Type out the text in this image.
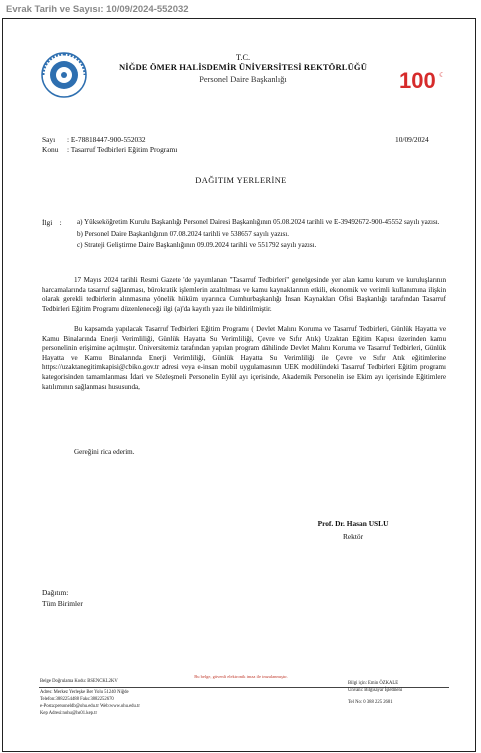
Evrak Tarih ve Sayısı: 10/09/2024-552032
100 ☾
T.C.
NİĞDE ÖMER HALİSDEMİR ÜNİVERSİTESİ REKTÖRLÜĞÜ
Personel Daire Başkanlığı
Sayı : E-78818447-900-552032
Konu : Tasarruf Tedbirleri Eğitim Programı
10/09/2024
DAĞITIM YERLERİNE
İlgi : a) Yükseköğretim Kurulu Başkanlığı Personel Dairesi Başkanlığının 05.08.2024 tarihli ve E-39492672-900-45552 sayılı yazısı.
b) Personel Daire Başkanlığının 07.08.2024 tarihli ve 538657 sayılı yazısı.
c) Strateji Geliştirme Daire Başkanlığının 09.09.2024 tarihli ve 551792 sayılı yazısı.
17 Mayıs 2024 tarihli Resmi Gazete 'de yayımlanan "Tasarruf Tedbirleri" genelgesinde yer alan kamu kurum ve kuruluşlarının harcamalarında tasarruf sağlanması, bürokratik işlemlerin azaltılması ve kamu kaynaklarının etkili, ekonomik ve verimli kullanımına ilişkin olarak gerekli tedbirlerin alınmasına yönelik hüküm uyarınca Cumhurbaşkanlığı İnsan Kaynakları Ofisi Başkanlığı tarafından Tasarruf Tedbirleri Eğitim Programı düzenleneceği ilgi (a)'da kayıtlı yazı ile bildirilmiştir.
Bu kapsamda yapılacak Tasarruf Tedbirleri Eğitim Programı ( Devlet Malını Koruma ve Tasarruf Tedbirleri, Günlük Hayatta ve Kamu Binalarında Enerji Verimliliği, Günlük Hayatta Su Verimliliği, Çevre ve Sıfır Atık) Uzaktan Eğitim Kapısı üzerinden kamu personelinin erişimine açılmıştır. Üniversitemiz tarafından yapılan program dâhilinde Devlet Malını Koruma ve Tasarruf Tedbirleri, Günlük Hayatta ve Kamu Binalarında Enerji Verimliliği, Günlük Hayatta Su Verimliliği ile Çevre ve Sıfır Atık eğitimlerine https://uzaktanegitimkapisi@cbiko.gov.tr adresi veya e-insan mobil uygulamasının UEK modülündeki Tasarruf Tedbirleri Eğitim programı kategorisinden tamamlanması İdari ve Sözleşmeli Personelin Eylül ayı içerisinde, Akademik Personelin ise Ekim ayı içerisinde Eğitimlere katılımının sağlanması hususunda,
Gereğini rica ederim.
Prof. Dr. Hasan USLU
Rektör
Dağıtım:
Tüm Birimler
Bu belge, güvenli elektronik imza ile imzalanmıştır.
Belge Doğrulama Kodu: BSENCKL2KV
Adres: Merkez Yerleşke Ber Yolu 51240 Niğde
Telefon:3882254488 Faks:3882252670
e-Posta:personeldb@ohu.edu.tr Web:www.ohu.edu.tr
Kep Adresi:nohu@hs01.kep.tr
Bilgi için: Emin ÖZKALE
Unvanı: Bilgisayar İşletmeni
Tel No: 0 388 225 2681
